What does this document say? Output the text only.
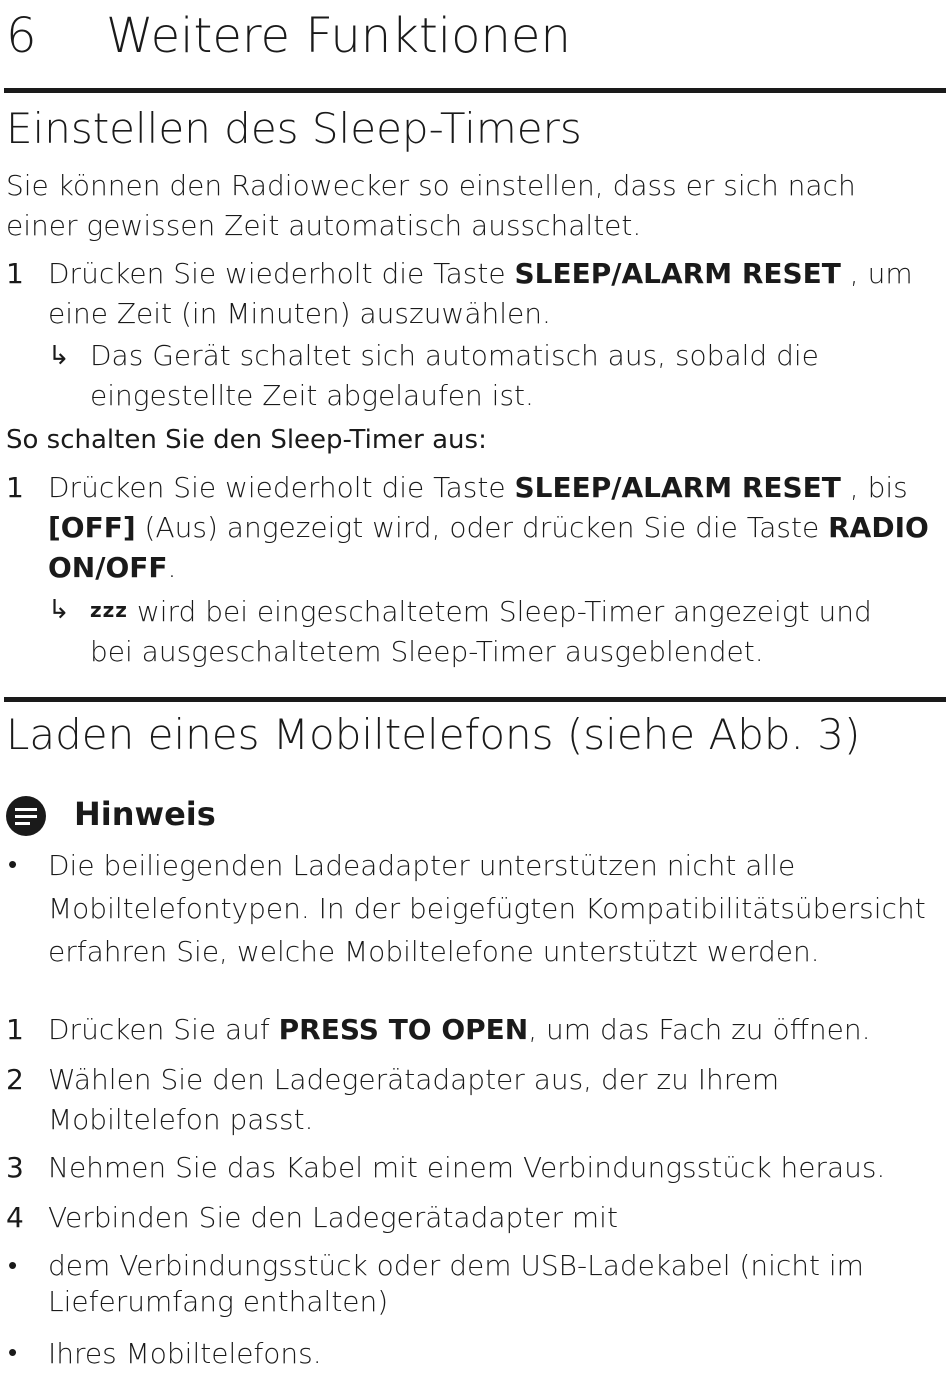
6 Weitere Funktionen
Einstellen des Sleep-Timers
Sie können den Radiowecker so einstellen, dass er sich nach einer gewissen Zeit automatisch ausschaltet.
1 Drücken Sie wiederholt die Taste SLEEP/ALARM RESET , um eine Zeit (in Minuten) auszuwählen.
↳ Das Gerät schaltet sich automatisch aus, sobald die eingestellte Zeit abgelaufen ist.
So schalten Sie den Sleep-Timer aus:
1 Drücken Sie wiederholt die Taste SLEEP/ALARM RESET , bis [OFF] (Aus) angezeigt wird, oder drücken Sie die Taste RADIO ON/OFF.
↳ zzz wird bei eingeschaltetem Sleep-Timer angezeigt und bei ausgeschaltetem Sleep-Timer ausgeblendet.
Laden eines Mobiltelefons (siehe Abb. 3)
Hinweis
• Die beiliegenden Ladeadapter unterstützen nicht alle Mobiltelefontypen. In der beigefügten Kompatibilitätsübersicht erfahren Sie, welche Mobiltelefone unterstützt werden.
1 Drücken Sie auf PRESS TO OPEN, um das Fach zu öffnen.
2 Wählen Sie den Ladegerätadapter aus, der zu Ihrem Mobiltelefon passt.
3 Nehmen Sie das Kabel mit einem Verbindungsstück heraus.
4 Verbinden Sie den Ladegerätadapter mit
• dem Verbindungsstück oder dem USB-Ladekabel (nicht im Lieferumfang enthalten)
• Ihres Mobiltelefons.
